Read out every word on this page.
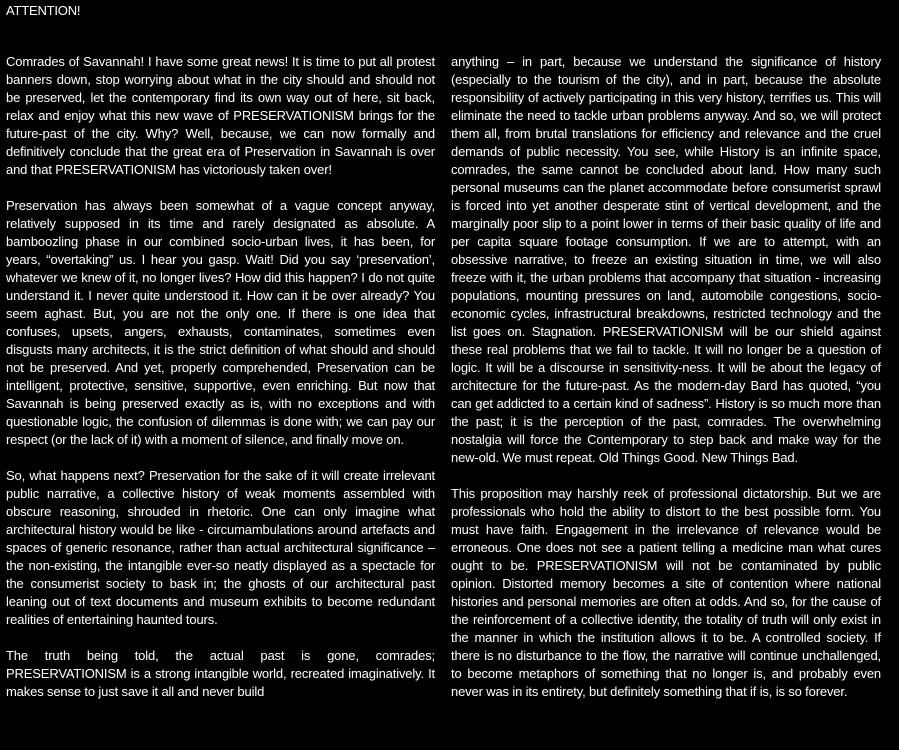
ATTENTION!

Comrades of Savannah! I have some great news! It is time to put all protest banners down, stop worrying about what in the city should and should not be preserved, let the contemporary find its own way out of here, sit back, relax and enjoy what this new wave of PRESERVATIONISM brings for the future-past of the city. Why? Well, because, we can now formally and definitively conclude that the great era of Preservation in Savannah is over and that PRESERVATIONISM has victoriously taken over!

Preservation has always been somewhat of a vague concept anyway, relatively supposed in its time and rarely designated as absolute. A bamboozling phase in our combined socio-urban lives, it has been, for years, “overtaking” us. I hear you gasp. Wait! Did you say ‘preservation’, whatever we knew of it, no longer lives? How did this happen? I do not quite understand it. I never quite understood it. How can it be over already? You seem aghast. But, you are not the only one. If there is one idea that confuses, upsets, angers, exhausts, contaminates, sometimes even disgusts many architects, it is the strict definition of what should and should not be preserved. And yet, properly comprehended, Preservation can be intelligent, protective, sensitive, supportive, even enriching. But now that Savannah is being preserved exactly as is, with no exceptions and with questionable logic, the confusion of dilemmas is done with; we can pay our respect (or the lack of it) with a moment of silence, and finally move on.

So, what happens next? Preservation for the sake of it will create irrelevant public narrative, a collective history of weak moments assembled with obscure reasoning, shrouded in rhetoric. One can only imagine what architectural history would be like - circumambulations around artefacts and spaces of generic resonance, rather than actual architectural significance – the non-existing, the intangible ever-so neatly displayed as a spectacle for the consumerist society to bask in; the ghosts of our architectural past leaning out of text documents and museum exhibits to become redundant realities of entertaining haunted tours.

The truth being told, the actual past is gone, comrades; PRESERVATIONISM is a strong intangible world, recreated imaginatively. It makes sense to just save it all and never build

anything – in part, because we understand the significance of history (especially to the tourism of the city), and in part, because the absolute responsibility of actively participating in this very history, terrifies us. This will eliminate the need to tackle urban problems anyway. And so, we will protect them all, from brutal translations for efficiency and relevance and the cruel demands of public necessity. You see, while History is an infinite space, comrades, the same cannot be concluded about land. How many such personal museums can the planet accommodate before consumerist sprawl is forced into yet another desperate stint of vertical development, and the marginally poor slip to a point lower in terms of their basic quality of life and per capita square footage consumption. If we are to attempt, with an obsessive narrative, to freeze an existing situation in time, we will also freeze with it, the urban problems that accompany that situation - increasing populations, mounting pressures on land, automobile congestions, socio-economic cycles, infrastructural breakdowns, restricted technology and the list goes on. Stagnation. PRESERVATIONISM will be our shield against these real problems that we fail to tackle. It will no longer be a question of logic. It will be a discourse in sensitivity-ness. It will be about the legacy of architecture for the future-past. As the modern-day Bard has quoted, “you can get addicted to a certain kind of sadness”. History is so much more than the past; it is the perception of the past, comrades. The overwhelming nostalgia will force the Contemporary to step back and make way for the new-old. We must repeat. Old Things Good. New Things Bad.

This proposition may harshly reek of professional dictatorship. But we are professionals who hold the ability to distort to the best possible form. You must have faith. Engagement in the irrelevance of relevance would be erroneous. One does not see a patient telling a medicine man what cures ought to be. PRESERVATIONISM will not be contaminated by public opinion. Distorted memory becomes a site of contention where national histories and personal memories are often at odds. And so, for the cause of the reinforcement of a collective identity, the totality of truth will only exist in the manner in which the institution allows it to be. A controlled society. If there is no disturbance to the flow, the narrative will continue unchallenged, to become metaphors of something that no longer is, and probably even never was in its entirety, but definitely something that if is, is so forever.
